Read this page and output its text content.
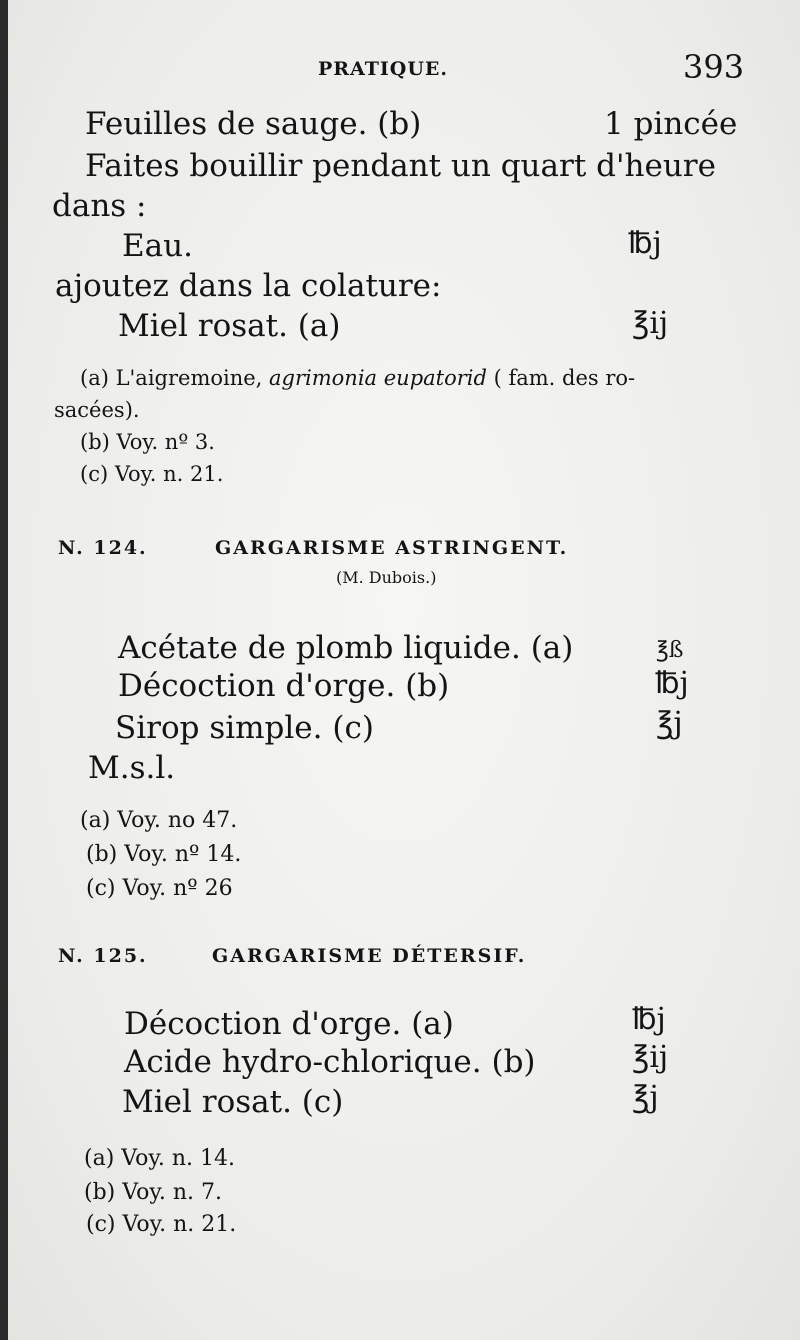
PRATIQUE.	393
Feuilles de sauge. (b)	1 pincée
Faites bouillir pendant un quart d'heure
dans :
Eau.	℔j
ajoutez dans la colature:
Miel rosat. (a)	℥ij
(a) L'aigremoine, agrimonia eupatorid ( fam. des ro-
sacées).
(b) Voy. nº 3.
(c) Voy. n. 21.
N. 124.	GARGARISME ASTRINGENT.
(M. Dubois.)
Acétate de plomb liquide. (a)	℥ß
Décoction d'orge. (b)	℔j
Sirop simple. (c)	℥j
M.s.l.
(a) Voy. no 47.
(b) Voy. nº 14.
(c) Voy. nº 26
N. 125.	GARGARISME DÉTERSIF.
Décoction d'orge. (a)	℔j
Acide hydro-chlorique. (b)	℥ij
Miel rosat. (c)	℥j
(a) Voy. n. 14.
(b) Voy. n. 7.
(c) Voy. n. 21.
